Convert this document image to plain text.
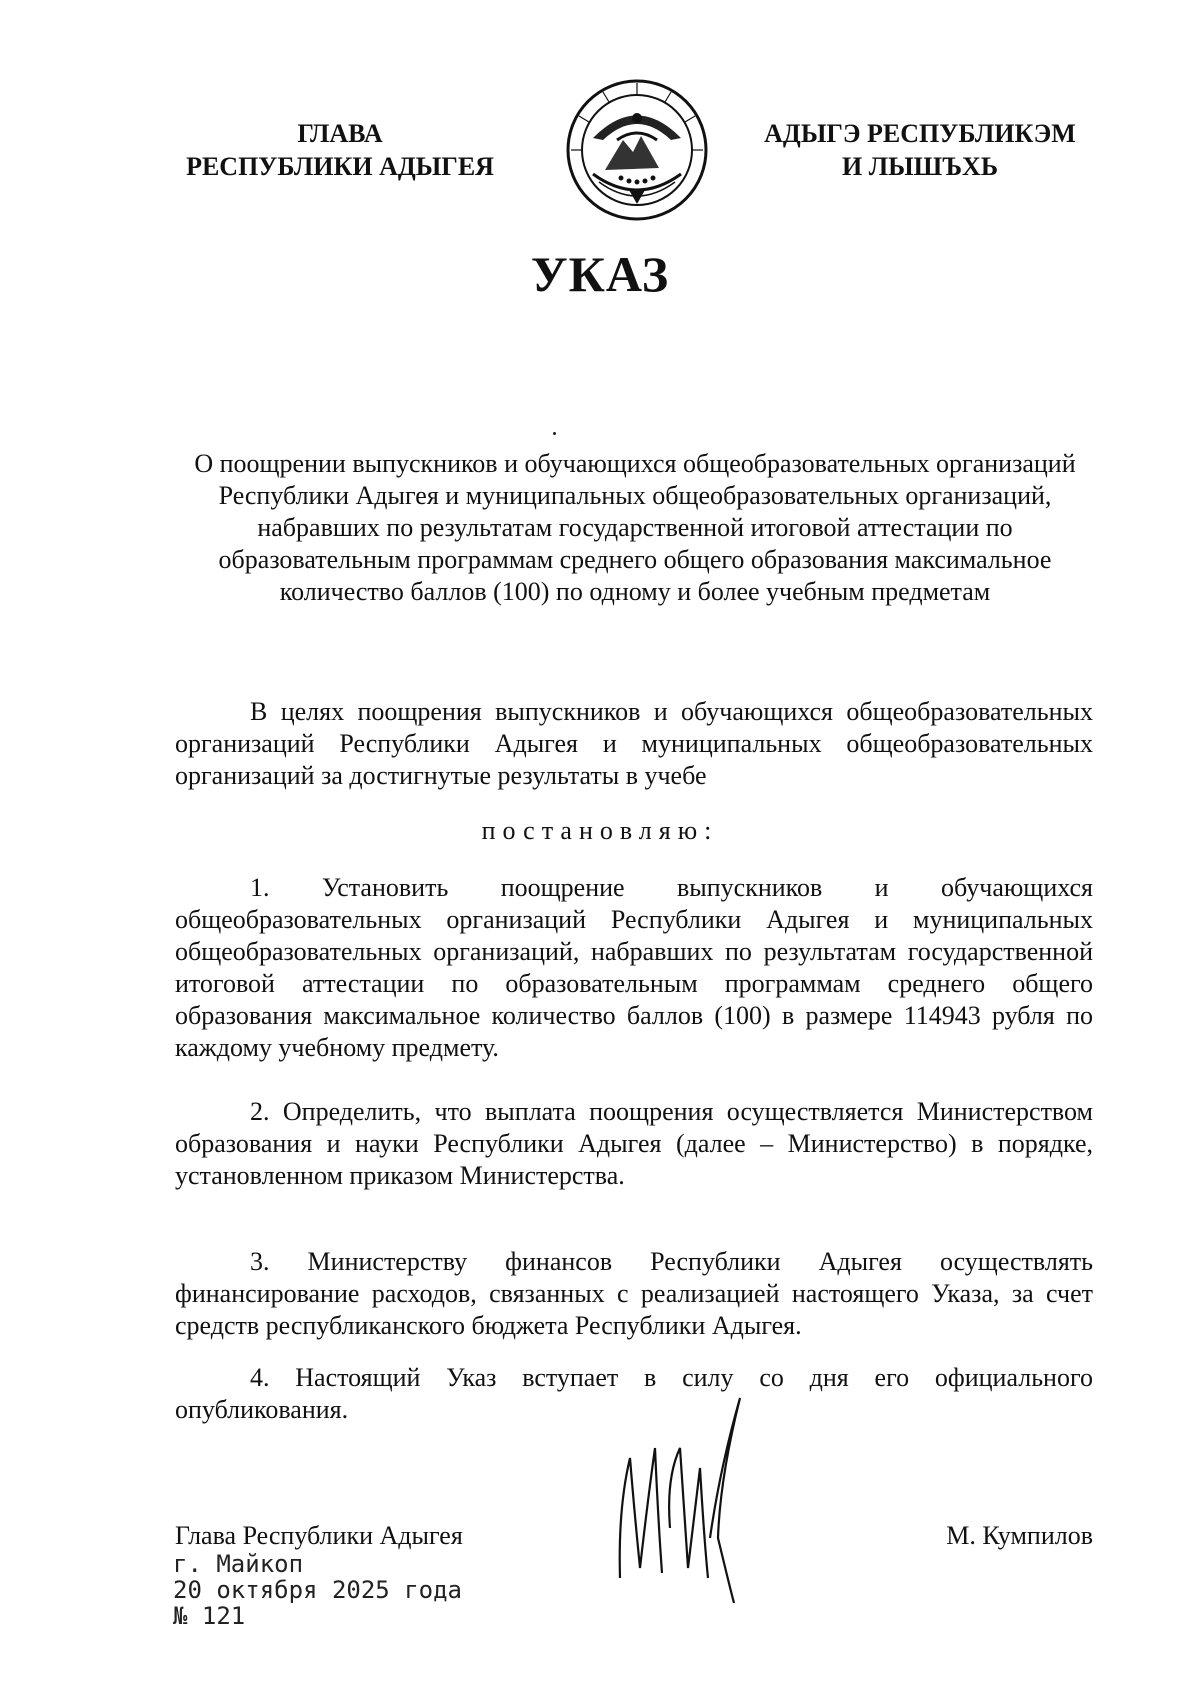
ГЛАВА
РЕСПУБЛИКИ АДЫГЕЯ
АДЫГЭ РЕСПУБЛИКЭМ
И ЛЫШЪХЬ
УКАЗ
О поощрении выпускников и обучающихся общеобразовательных организаций Республики Адыгея и муниципальных общеобразовательных организаций, набравших по результатам государственной итоговой аттестации по образовательным программам среднего общего образования максимальное количество баллов (100) по одному и более учебным предметам

В целях поощрения выпускников и обучающихся общеобразовательных организаций Республики Адыгея и муниципальных общеобразовательных организаций за достигнутые результаты в учебе

постановляю:

1. Установить поощрение выпускников и обучающихся общеобразовательных организаций Республики Адыгея и муниципальных общеобразовательных организаций, набравших по результатам государственной итоговой аттестации по образовательным программам среднего общего образования максимальное количество баллов (100) в размере 114943 рубля по каждому учебному предмету.

2. Определить, что выплата поощрения осуществляется Министерством образования и науки Республики Адыгея (далее – Министерство) в порядке, установленном приказом Министерства.

3. Министерству финансов Республики Адыгея осуществлять финансирование расходов, связанных с реализацией настоящего Указа, за счет средств республиканского бюджета Республики Адыгея.

4. Настоящий Указ вступает в силу со дня его официального опубликования.

Глава Республики Адыгея	М. Кумпилов
г. Майкоп
20 октября 2025 года
№ 121
